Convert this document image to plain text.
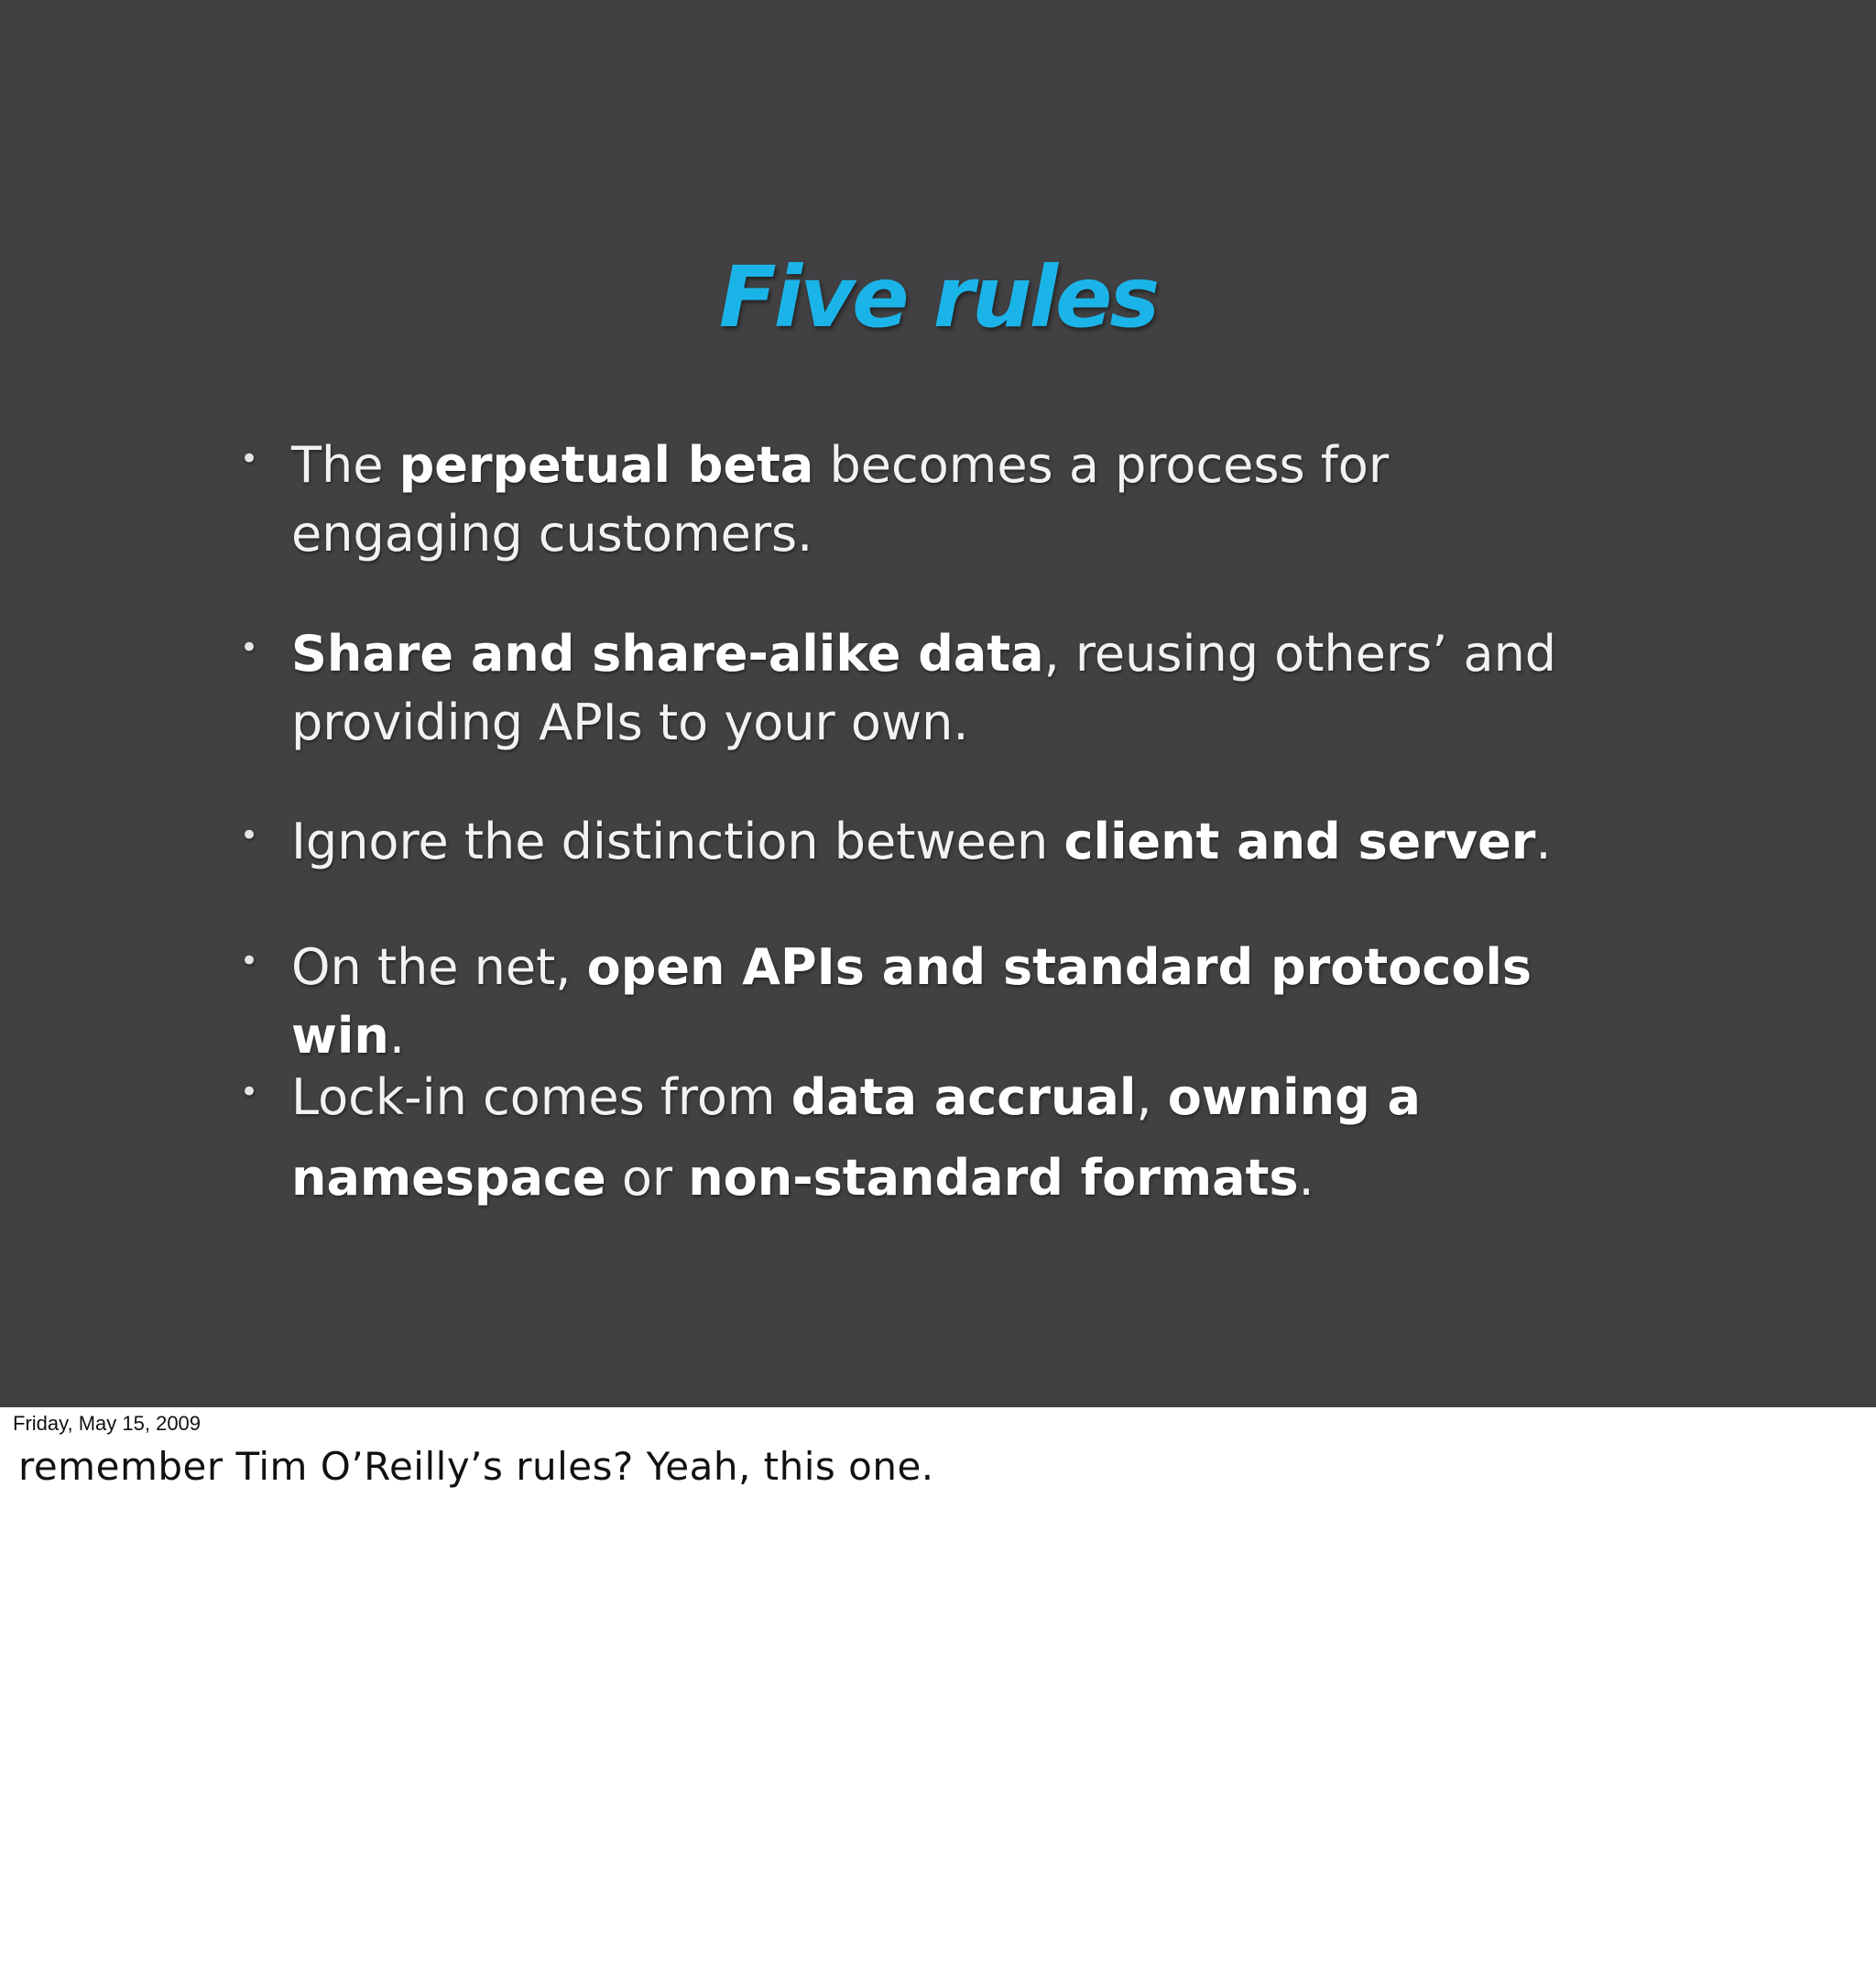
Five rules
• The perpetual beta becomes a process for engaging customers.
• Share and share-alike data, reusing others’ and providing APIs to your own.
• Ignore the distinction between client and server.
• On the net, open APIs and standard protocols win.
• Lock-in comes from data accrual, owning a namespace or non-standard formats.
Friday, May 15, 2009
remember Tim O’Reilly’s rules? Yeah, this one.
